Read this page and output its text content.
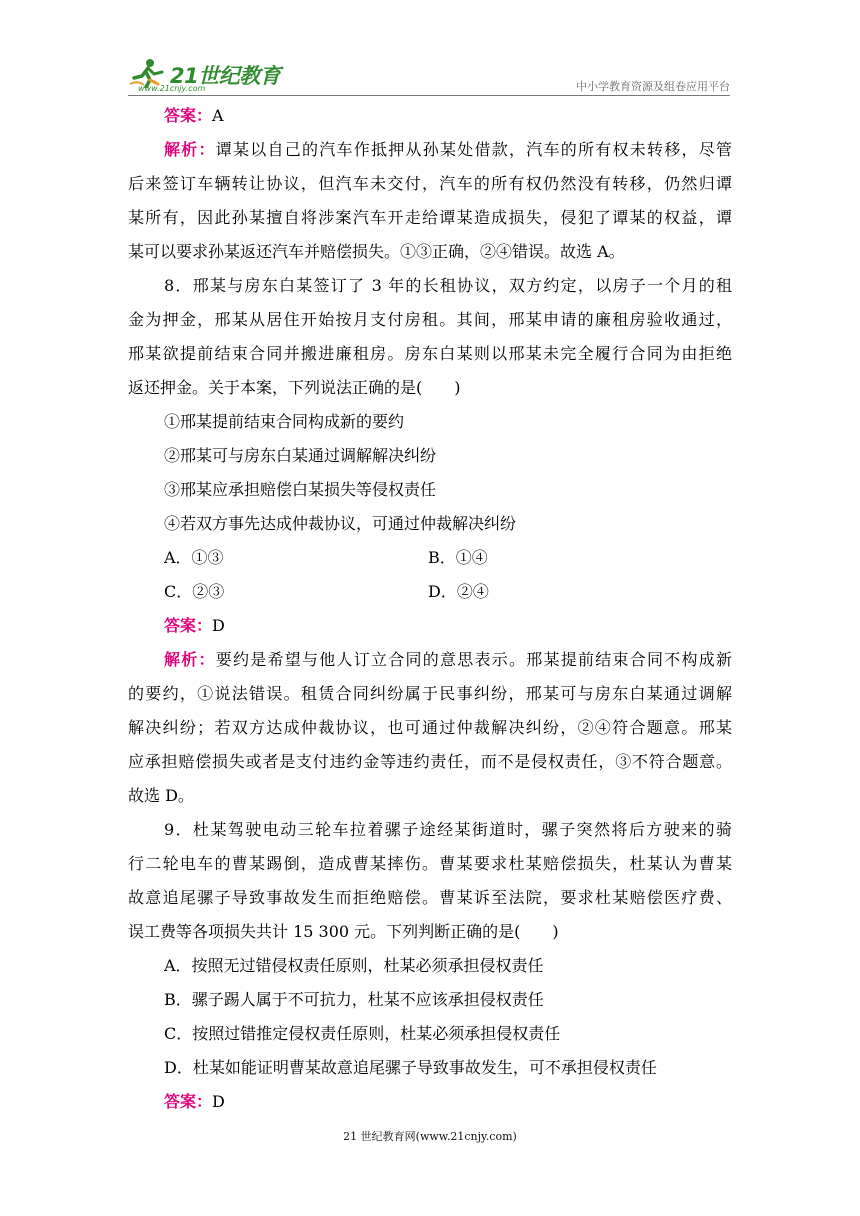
21世纪教育
www.21cnjy.com	中小学教育资源及组卷应用平台
答案：A
解析：谭某以自己的汽车作抵押从孙某处借款，汽车的所有权未转移，尽管
后来签订车辆转让协议，但汽车未交付，汽车的所有权仍然没有转移，仍然归谭
某所有，因此孙某擅自将涉案汽车开走给谭某造成损失，侵犯了谭某的权益，谭
某可以要求孙某返还汽车并赔偿损失。①③正确，②④错误。故选 A。
8．邢某与房东白某签订了 3 年的长租协议，双方约定，以房子一个月的租
金为押金，邢某从居住开始按月支付房租。其间，邢某申请的廉租房验收通过，
邢某欲提前结束合同并搬进廉租房。房东白某则以邢某未完全履行合同为由拒绝
返还押金。关于本案，下列说法正确的是(　　)
①邢某提前结束合同构成新的要约
②邢某可与房东白某通过调解解决纠纷
③邢某应承担赔偿白某损失等侵权责任
④若双方事先达成仲裁协议，可通过仲裁解决纠纷
A．①③	B．①④
C．②③	D．②④
答案：D
解析：要约是希望与他人订立合同的意思表示。邢某提前结束合同不构成新
的要约，①说法错误。租赁合同纠纷属于民事纠纷，邢某可与房东白某通过调解
解决纠纷；若双方达成仲裁协议，也可通过仲裁解决纠纷，②④符合题意。邢某
应承担赔偿损失或者是支付违约金等违约责任，而不是侵权责任，③不符合题意。
故选 D。
9．杜某驾驶电动三轮车拉着骡子途经某街道时，骡子突然将后方驶来的骑
行二轮电车的曹某踢倒，造成曹某摔伤。曹某要求杜某赔偿损失，杜某认为曹某
故意追尾骡子导致事故发生而拒绝赔偿。曹某诉至法院，要求杜某赔偿医疗费、
误工费等各项损失共计 15 300 元。下列判断正确的是(　　)
A．按照无过错侵权责任原则，杜某必须承担侵权责任
B．骡子踢人属于不可抗力，杜某不应该承担侵权责任
C．按照过错推定侵权责任原则，杜某必须承担侵权责任
D．杜某如能证明曹某故意追尾骡子导致事故发生，可不承担侵权责任
答案：D
21 世纪教育网(www.21cnjy.com)
